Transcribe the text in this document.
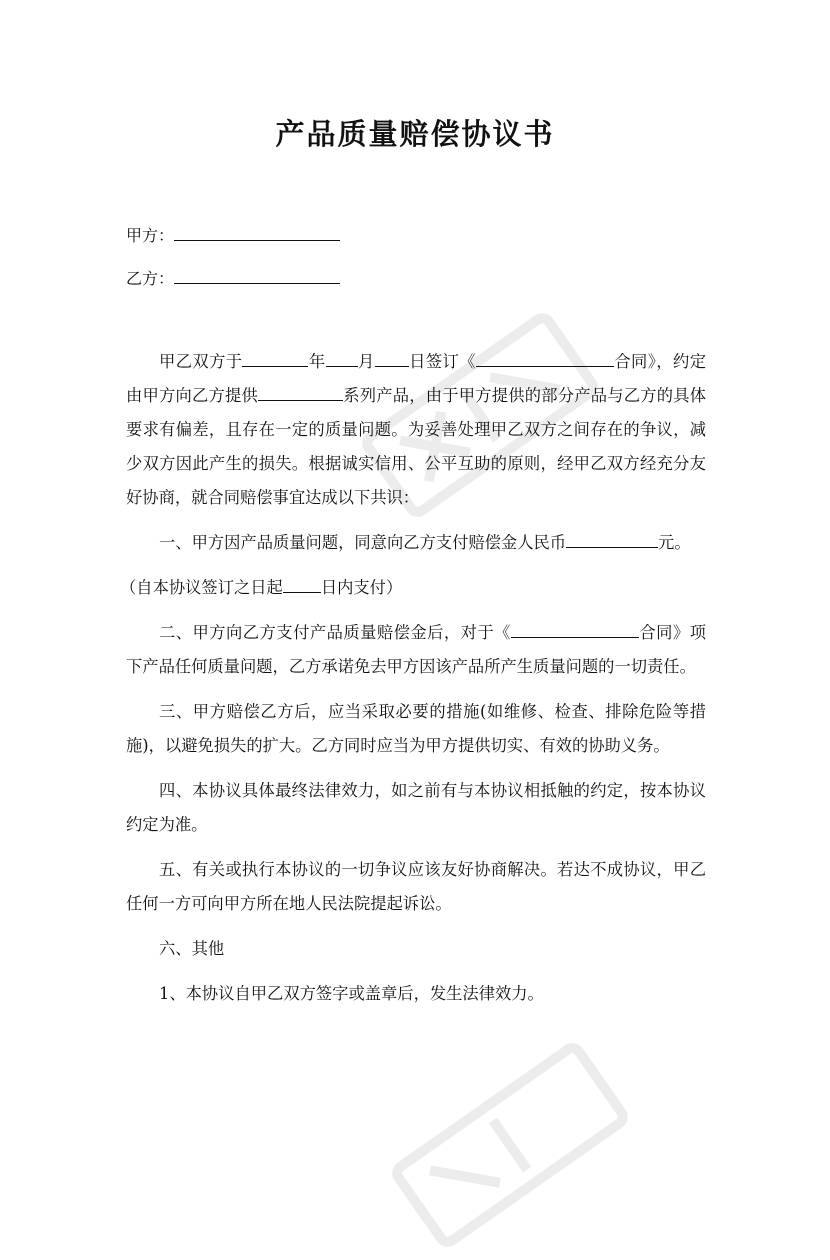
产品质量赔偿协议书
甲方：
乙方：

甲乙双方于	年 月 日签订《	合同》，约定由甲方向乙方提供	系列产品，由于甲方提供的部分产品与乙方的具体要求有偏差，且存在一定的质量问题。为妥善处理甲乙双方之间存在的争议，减少双方因此产生的损失。根据诚实信用、公平互助的原则，经甲乙双方经充分友好协商，就合同赔偿事宜达成以下共识：

一、甲方因产品质量问题，同意向乙方支付赔偿金人民币	元。

（自本协议签订之日起 日内支付）

二、甲方向乙方支付产品质量赔偿金后，对于《	合同》项下产品任何质量问题，乙方承诺免去甲方因该产品所产生质量问题的一切责任。

三、甲方赔偿乙方后，应当采取必要的措施(如维修、检查、排除危险等措施)，以避免损失的扩大。乙方同时应当为甲方提供切实、有效的协助义务。

四、本协议具体最终法律效力，如之前有与本协议相抵触的约定，按本协议约定为准。

五、有关或执行本协议的一切争议应该友好协商解决。若达不成协议，甲乙任何一方可向甲方所在地人民法院提起诉讼。

六、其他

1、本协议自甲乙双方签字或盖章后，发生法律效力。
